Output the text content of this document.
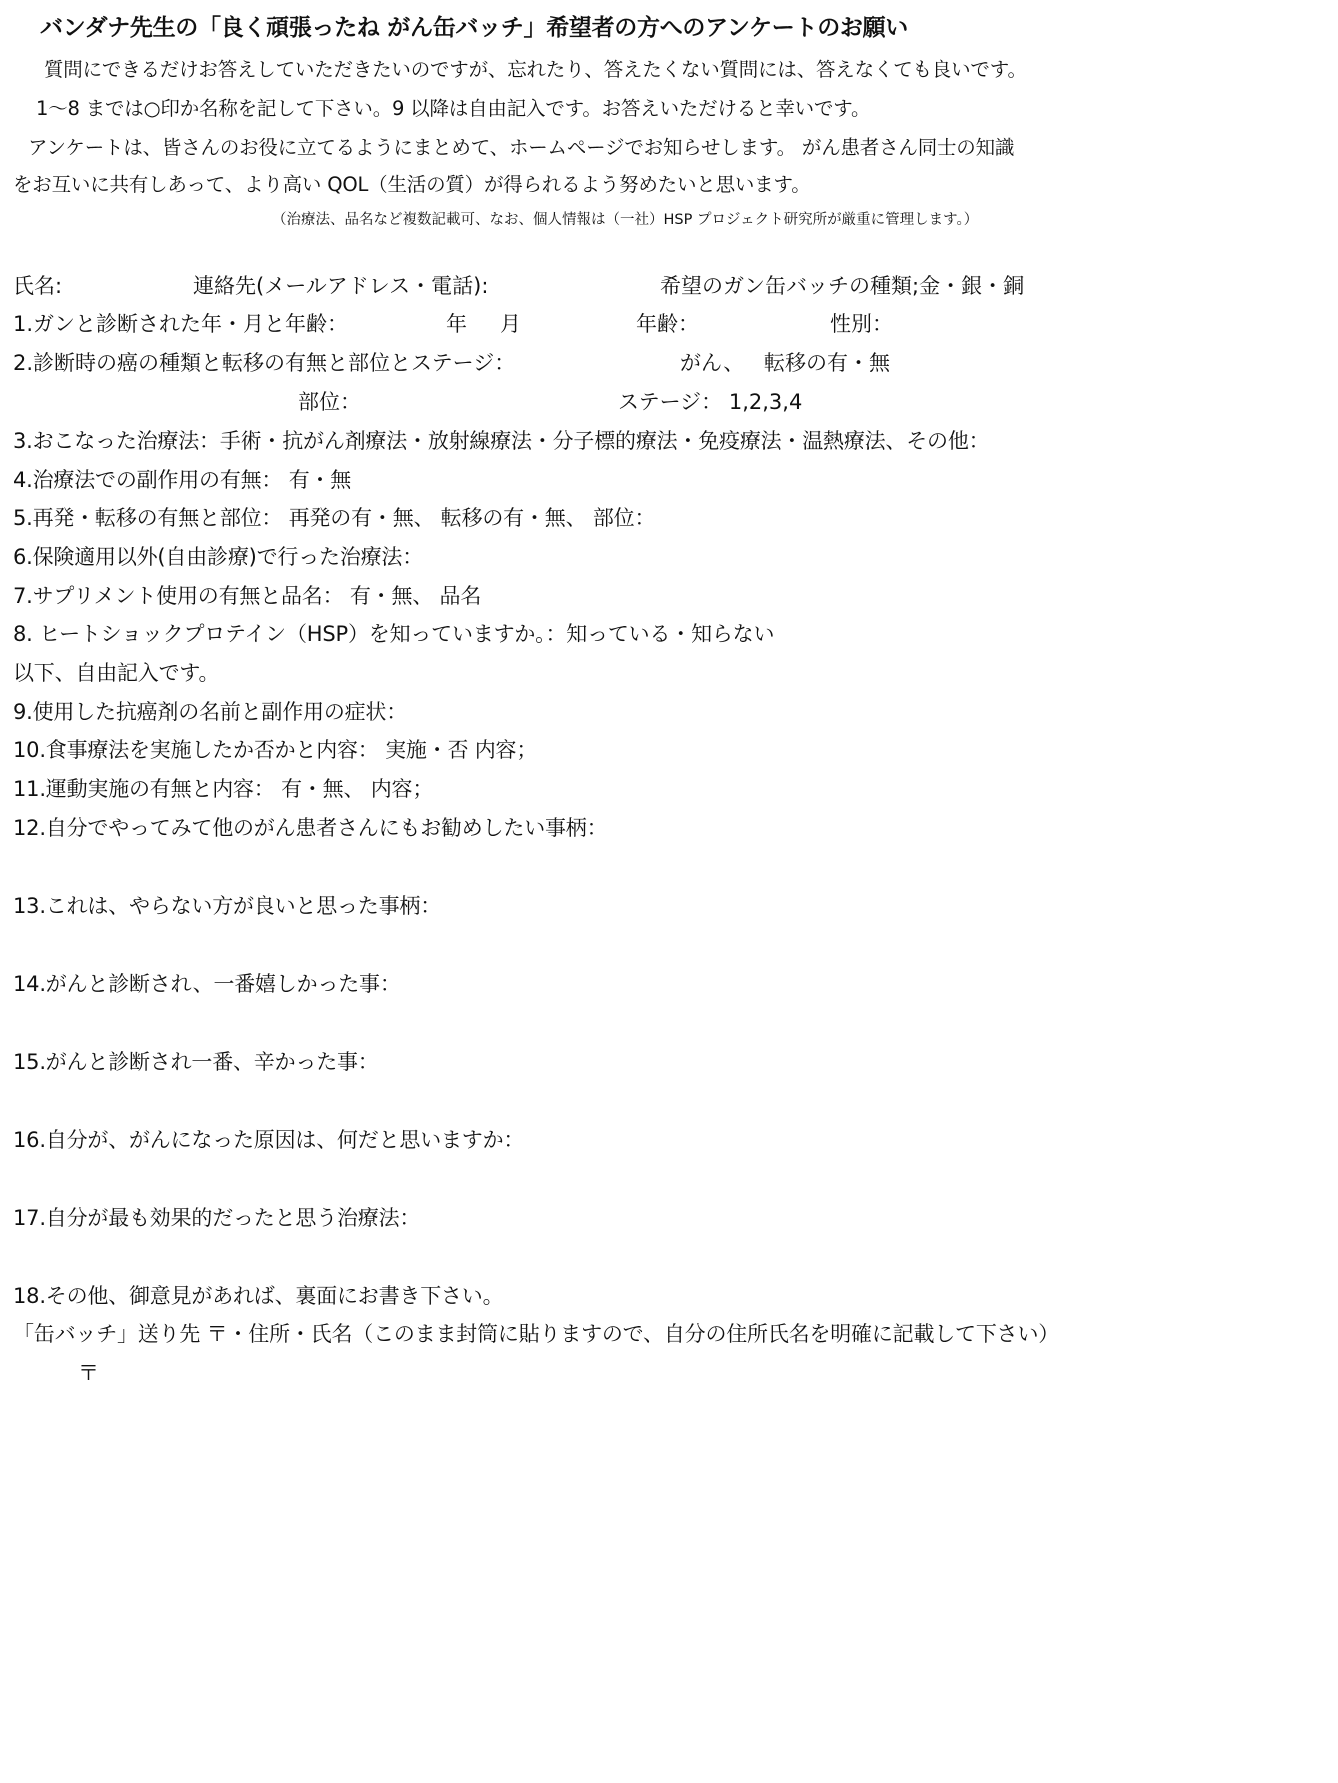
バンダナ先生の「良く頑張ったね がん缶バッチ」希望者の方へのアンケートのお願い
質問にできるだけお答えしていただきたいのですが、忘れたり、答えたくない質問には、答えなくても良いです。
1～8 までは○印か名称を記して下さい。9 以降は自由記入です。お答えいただけると幸いです。
アンケートは、皆さんのお役に立てるようにまとめて、ホームページでお知らせします。 がん患者さん同士の知識
をお互いに共有しあって、より高い QOL（生活の質）が得られるよう努めたいと思います。
（治療法、品名など複数記載可、なお、個人情報は（一社）HSP プロジェクト研究所が厳重に管理します。）
氏名:	連絡先(メールアドレス・電話):	希望のガン缶バッチの種類;金・銀・銅
1.ガンと診断された年・月と年齢：	年 月	年齢：	性別：
2.診断時の癌の種類と転移の有無と部位とステージ：	がん、 転移の有・無
部位：	ステージ： 1,2,3,4
3.おこなった治療法：手術・抗がん剤療法・放射線療法・分子標的療法・免疫療法・温熱療法、その他：
4.治療法での副作用の有無： 有・無
5.再発・転移の有無と部位： 再発の有・無、 転移の有・無、 部位：
6.保険適用以外(自由診療)で行った治療法：
7.サプリメント使用の有無と品名： 有・無、 品名
8. ヒートショックプロテイン（HSP）を知っていますか。：知っている・知らない
以下、自由記入です。
9.使用した抗癌剤の名前と副作用の症状：
10.食事療法を実施したか否かと内容： 実施・否 内容；
11.運動実施の有無と内容： 有・無、 内容；
12.自分でやってみて他のがん患者さんにもお勧めしたい事柄：
13.これは、やらない方が良いと思った事柄：
14.がんと診断され、一番嬉しかった事：
15.がんと診断され一番、辛かった事：
16.自分が、がんになった原因は、何だと思いますか：
17.自分が最も効果的だったと思う治療法：
18.その他、御意見があれば、裏面にお書き下さい。
「缶バッチ」送り先 〒・住所・氏名（このまま封筒に貼りますので、自分の住所氏名を明確に記載して下さい）
〒
